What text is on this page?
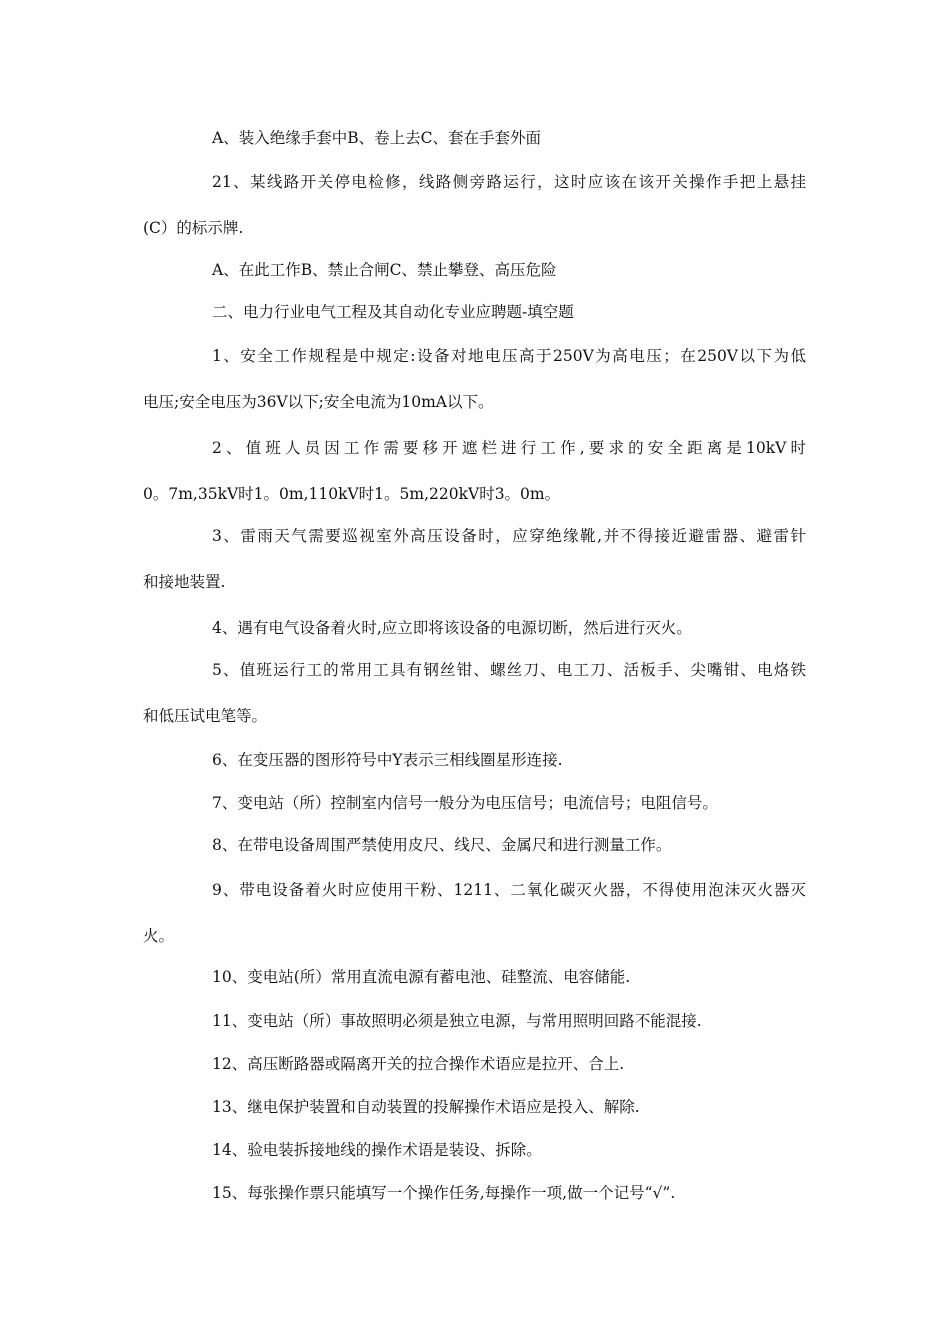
A、装入绝缘手套中B、卷上去C、套在手套外面
21、某线路开关停电检修，线路侧旁路运行，这时应该在该开关操作手把上悬挂
(C）的标示牌.
A、在此工作B、禁止合闸C、禁止攀登、高压危险
二、电力行业电气工程及其自动化专业应聘题-填空题
1、安全工作规程是中规定:设备对地电压高于250V为高电压；在250V以下为低
电压;安全电压为36V以下;安全电流为10mA以下。
2、值班人员因工作需要移开遮栏进行工作,要求的安全距离是10kV时
0。7m,35kV时1。0m,110kV时1。5m,220kV时3。0m。
3、雷雨天气需要巡视室外高压设备时，应穿绝缘靴,并不得接近避雷器、避雷针
和接地装置.
4、遇有电气设备着火时,应立即将该设备的电源切断，然后进行灭火。
5、值班运行工的常用工具有钢丝钳、螺丝刀、电工刀、活板手、尖嘴钳、电烙铁
和低压试电笔等。
6、在变压器的图形符号中Y表示三相线圈星形连接.
7、变电站（所）控制室内信号一般分为电压信号；电流信号；电阻信号。
8、在带电设备周围严禁使用皮尺、线尺、金属尺和进行测量工作。
9、带电设备着火时应使用干粉、1211、二氧化碳灭火器，不得使用泡沫灭火器灭
火。
10、变电站(所）常用直流电源有蓄电池、硅整流、电容储能.
11、变电站（所）事故照明必须是独立电源，与常用照明回路不能混接.
12、高压断路器或隔离开关的拉合操作术语应是拉开、合上.
13、继电保护装置和自动装置的投解操作术语应是投入、解除.
14、验电装拆接地线的操作术语是装设、拆除。
15、每张操作票只能填写一个操作任务,每操作一项,做一个记号“√”.
